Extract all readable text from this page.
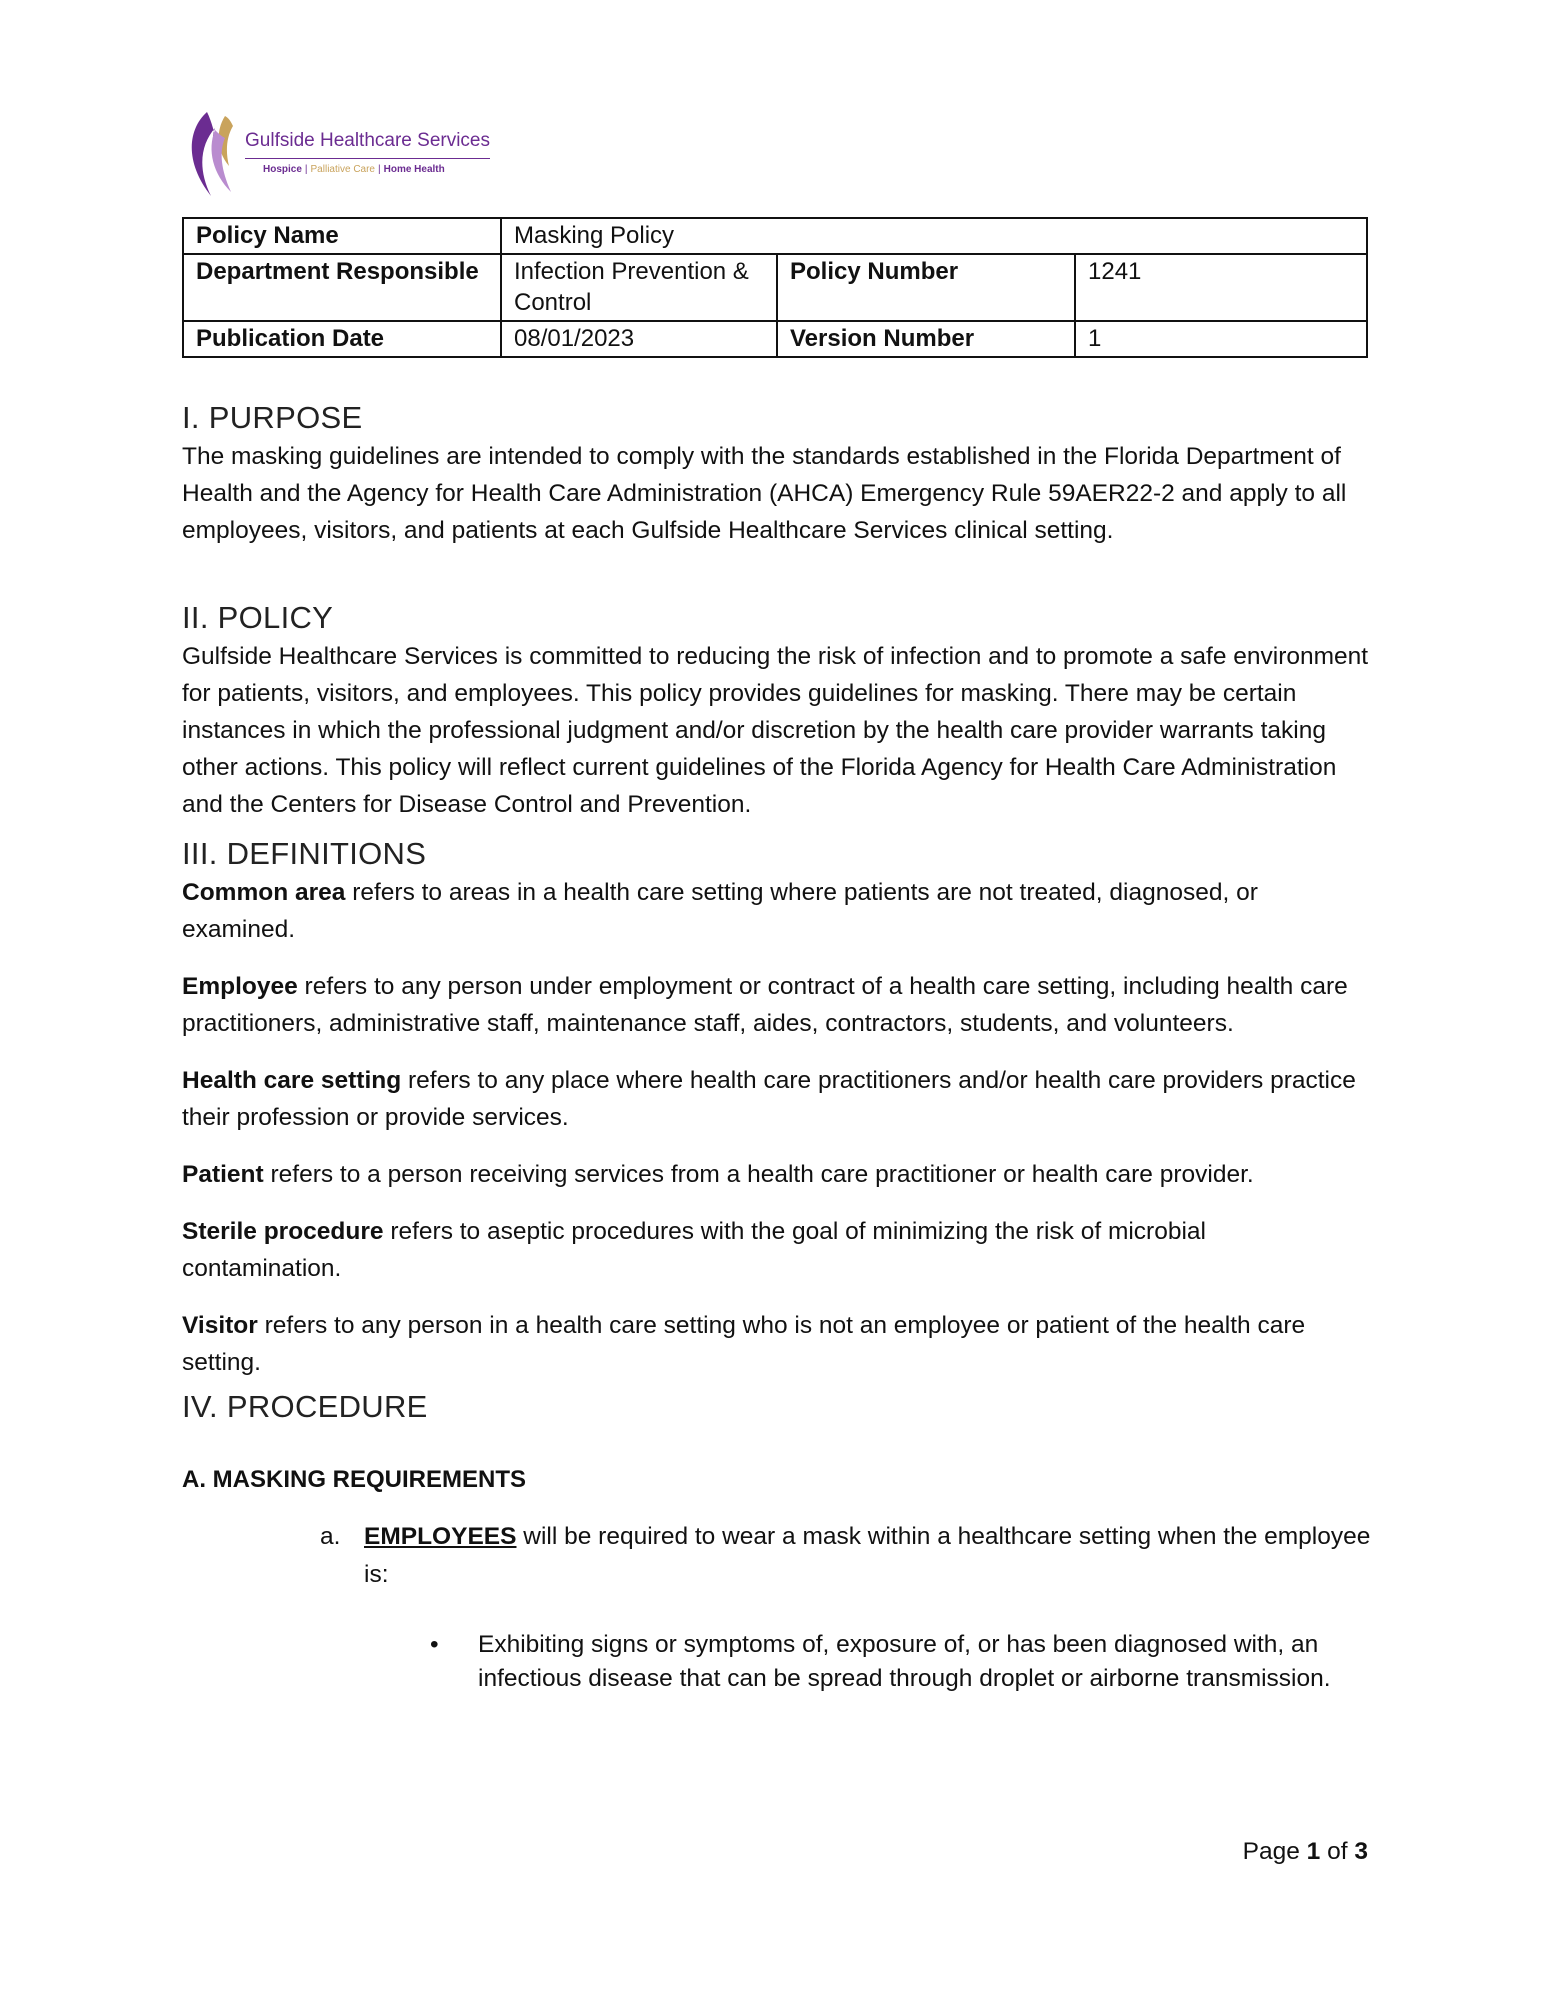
Gulfside Healthcare Services
Hospice | Palliative Care | Home Health
Policy Name	Masking Policy		
Department Responsible	Infection Prevention & Control	Policy Number	1241
Publication Date	08/01/2023	Version Number	1
I. PURPOSE

The masking guidelines are intended to comply with the standards established in the Florida Department of Health and the Agency for Health Care Administration (AHCA) Emergency Rule 59AER22-2 and apply to all employees, visitors, and patients at each Gulfside Healthcare Services clinical setting.

II. POLICY

Gulfside Healthcare Services is committed to reducing the risk of infection and to promote a safe environment for patients, visitors, and employees. This policy provides guidelines for masking. There may be certain instances in which the professional judgment and/or discretion by the health care provider warrants taking other actions. This policy will reflect current guidelines of the Florida Agency for Health Care Administration and the Centers for Disease Control and Prevention.

III. DEFINITIONS

Common area refers to areas in a health care setting where patients are not treated, diagnosed, or examined.

Employee refers to any person under employment or contract of a health care setting, including health care practitioners, administrative staff, maintenance staff, aides, contractors, students, and volunteers.

Health care setting refers to any place where health care practitioners and/or health care providers practice their profession or provide services.

Patient refers to a person receiving services from a health care practitioner or health care provider.

Sterile procedure refers to aseptic procedures with the goal of minimizing the risk of microbial contamination.

Visitor refers to any person in a health care setting who is not an employee or patient of the health care setting.

IV. PROCEDURE

A. MASKING REQUIREMENTS

a. EMPLOYEES will be required to wear a mask within a healthcare setting when the employee is:
• Exhibiting signs or symptoms of, exposure of, or has been diagnosed with, an infectious disease that can be spread through droplet or airborne transmission.
Page 1 of 3
